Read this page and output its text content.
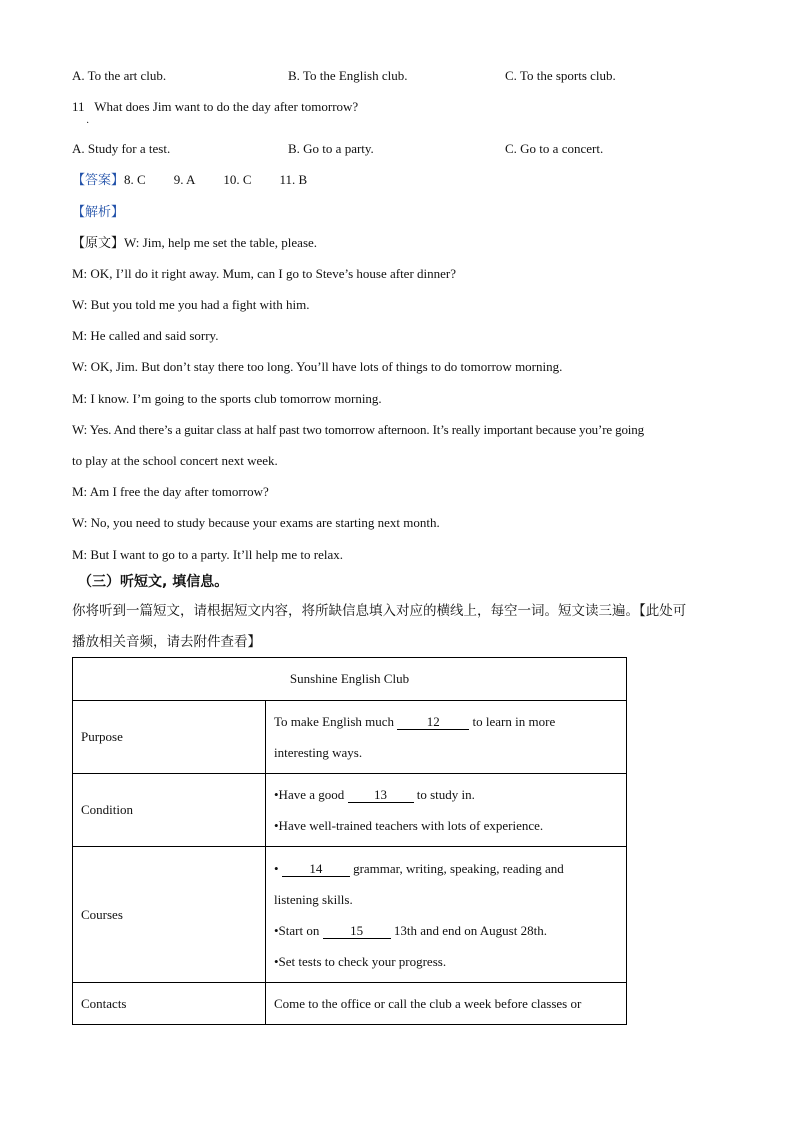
A. To the art club.	B. To the English club.	C. To the sports club.
11 What does Jim want to do the day after tomorrow?
·
A. Study for a test.	B. Go to a party.	C. Go to a concert.
【答案】8. C 9. A 10. C 11. B
【解析】
【原文】W: Jim, help me set the table, please.
M: OK, I’ll do it right away. Mum, can I go to Steve’s house after dinner?
W: But you told me you had a fight with him.
M: He called and said sorry.
W: OK, Jim. But don’t stay there too long. You’ll have lots of things to do tomorrow morning.
M: I know. I’m going to the sports club tomorrow morning.
W: Yes. And there’s a guitar class at half past two tomorrow afternoon. It’s really important because you’re going
to play at the school concert next week.
M: Am I free the day after tomorrow?
W: No, you need to study because your exams are starting next month.
M: But I want to go to a party. It’ll help me to relax.
（三）听短文, 填信息。
你将听到一篇短文，请根据短文内容，将所缺信息填入对应的横线上，每空一词。短文读三遍。【此处可
播放相关音频，请去附件查看】
Sunshine English Club	
Purpose	To make English much 12 to learn in more
interesting ways.

Condition	•Have a good 13 to study in.
•Have well-trained teachers with lots of experience.

Courses	• 14 grammar, writing, speaking, reading and
listening skills.
•Start on 15 13th and end on August 28th.
•Set tests to check your progress.

Contacts	Come to the office or call the club a week before classes or
